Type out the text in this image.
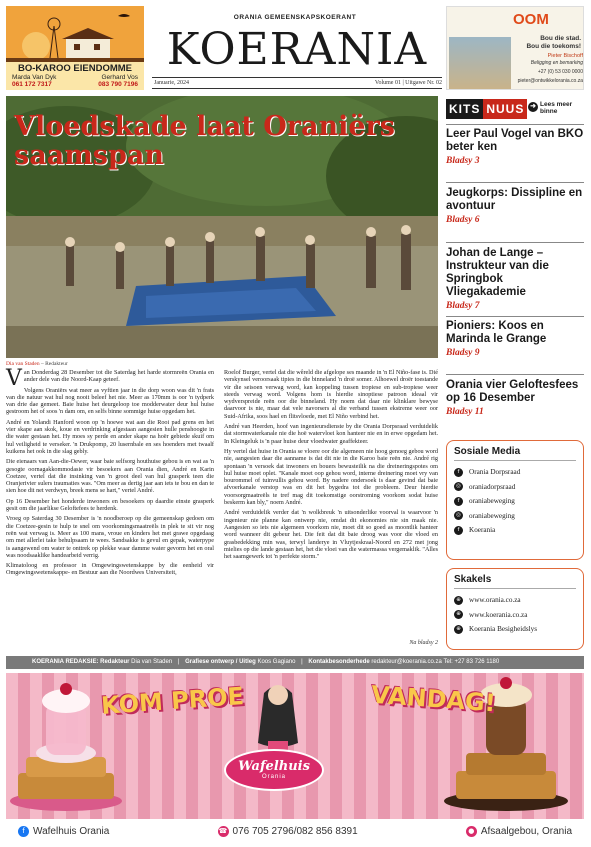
BO-KAROO EIENDOMME
Marda Van Dyk	Gerhard Vos
061 172 7317	083 790 7196
ORANIA GEMEENSKAPSKOERANT
KOERANIA
Januarie, 2024	Volume 01 | Uitgawe Nr. 02
OOM
Bou die stad.
Bou die toekoms!
Pieter Bischoff
Beligging en bemarking
+27 (0) 53 030 0000
pieter@ontwikkelorania.co.za
Vloedskade laat Oraniërs saamspan
Dia van Staden – Redakteur

Van Donderdag 28 Desember tot die Saterdag het harde stormreën Orania en ander dele van die Noord-Kaap geteef.

Volgens Oraniërs wat meer as vyftien jaar in die dorp woon was dit 'n frats van die natuur wat hul nog nooit beleef het nie. Meer as 170mm is oor 'n tydperk van drie dae gemeet. Baie huise het deurgeloop toe modderwater deur hul huise gestroom het of soos 'n dam om, en selfs binne sommige huise opgedam het.

André en Yolandi Hanford woon op 'n hoewe wat aan die Rooi pad grens en het vier skape aan skok, koue en verdrinking afgestaan aangesien hulle penshoogte in die water gestaan het. Hy moes sy perde en ander skape na hoër gebiede skuif om hul veiligheid te verseker. 'n Drukpomp, 20 lusernbale en ses hoenders met twaalf kuikens het ook in die slag gebly.

Die eienaars van Aan-die-Oewer, waar baie selfsorg houthuise gebou is en wat as 'n gesogte oornagakkommodasie vir besoekers aan Orania dien, André en Karin Coetzee, vertel dat die insinking van 'n groot deel van hul grasperk teen die Oranjerivier sulers traumaties was. "Om meer as dertig jaar aan iets te bou en dan te sien hoe dit net verdwyn, breek mens se hart," vertel André.

Op 16 Desember het honderde inwoners en besoekers op daardie einste grasperk gesit om die jaarlikse Geloftefees te herdenk.

Vroeg op Saterdag 30 Desember is 'n noodberoep op die gemeenskap gedoen om die Coetzee-gesin te hulp te snel om voorkomingsmaatreëls in plek te sit vir nog reën wat verwag is. Meer as 100 mans, vroue en kinders het met grawe opgedaag om met allerlei take behulpsaam te wees. Sandsakke is gevul en gepak, waterpype is aangewend om water te onttrek op plekke waar damme water gevorm het en oral was noodsaaklike handearbeid verrig.

Klimatoloog en professor in Omgewingswetenskappe by die eenheid vir Omgewingswetenskappe- en Bestuur aan die Noordwes Universiteit,

Roelof Burger, vertel dat die wêreld die afgelope ses maande in 'n El Niño-fase is. Dié verskynsel veroorsaak tipies in die binneland 'n droë somer. Alhoewel droër toestande vir die seisoen verwag word, kan koppeling tussen tropiese en sub-tropiese weer steeds verwag word. Volgens hom is hierdie sinoptiese patroon ideaal vir wydverspreide reën oor die binneland. Hy noem dat daar nie klinklare bewyse daarvoor is nie, maar dat vele navorsers al die verband tussen ekstreme weer oor Suid-Afrika, soos hael en flitsvloede, met El Niño verbind het.

André van Heerden, hoof van ingenieursdienste by die Orania Dorpsraad verduidelik dat stormwaterkanale nie die hoë watervloei kon hanteer nie en in erwe opgedam het. In Kleingeluk is 'n paar huise deur vloedwater geaffekteer.

Hy vertel dat huise in Orania se vloere oor die algemeen nie hoog genoeg gebou word nie, aangesien daar die aanname is dat dit nie in die Karoo baie reën nie. André rig spontaan 'n versoek dat inwoners en bouers bewusteilik na die dreineringspotes om hul huise moet oplet. "Kanale moet oop gehou word, interne dreinering moet vry van bourommel of tuinvullis gehou word. By nadere ondersoek is daar gevind dat baie afvoerkanale verstop was en dit het bygedra tot die probleem. Deur hierdie voorsorgmaatreëls te tref mag dit toekomstige oorstroming voorkom sodat huise beskerm kan bly," noem André.

André verduidelik verder dat 'n wolkbreuk 'n uitsonderlike voorval is waarvoor 'n ingenieur nie planne kan ontwerp nie, omdat dit ekonomies nie sin maak nie. Aangesien so iets nie algemeen voorkom nie, moet dit so goed as moontlik hanteer word wanneer dit gebeur het. Die feit dat dit baie droog was voor die vloed en grasbedekking min was, terwyl landerye in Vluytjeskraal-Noord en 272 met jong mielies op die lande gestaan het, het die vloei van die watermassa vergemaklik. "Alles het saamgewerk tot 'n perfekte storm."

Na bladsy 2
KITS NUUS ➜ Lees meer binne
Leer Paul Vogel van BKO beter ken
Bladsy 3
Jeugkorps: Dissipline en avontuur
Bladsy 6
Johan de Lange – Instrukteur van die Springbok Vliegakademie
Bladsy 7
Pioniers: Koos en Marinda le Grange
Bladsy 9
Orania vier Geloftesfees op 16 Desember
Bladsy 11
Sosiale Media
f	Orania Dorpsraad
◎ oraniadorpsraad
f	oraniabeweging
◎ oraniabeweging
f	Koerania
Skakels
⊕	www.orania.co.za
⊕	www.koerania.co.za
⊕	Koerania Besigheidslys
KOERANIA REDAKSIE: Redakteur Dia van Staden | Grafiese ontwerp / Uitleg Koos Gagiano | Kontakbesonderhede redakteur@koerania.co.za Tel: +27 83 726 1180
KOM PROE	VANDAG!
Wafelhuis
Orania
f Wafelhuis Orania	☎ 076 705 2796/082 856 8391	● Afsaalgebou, Orania
